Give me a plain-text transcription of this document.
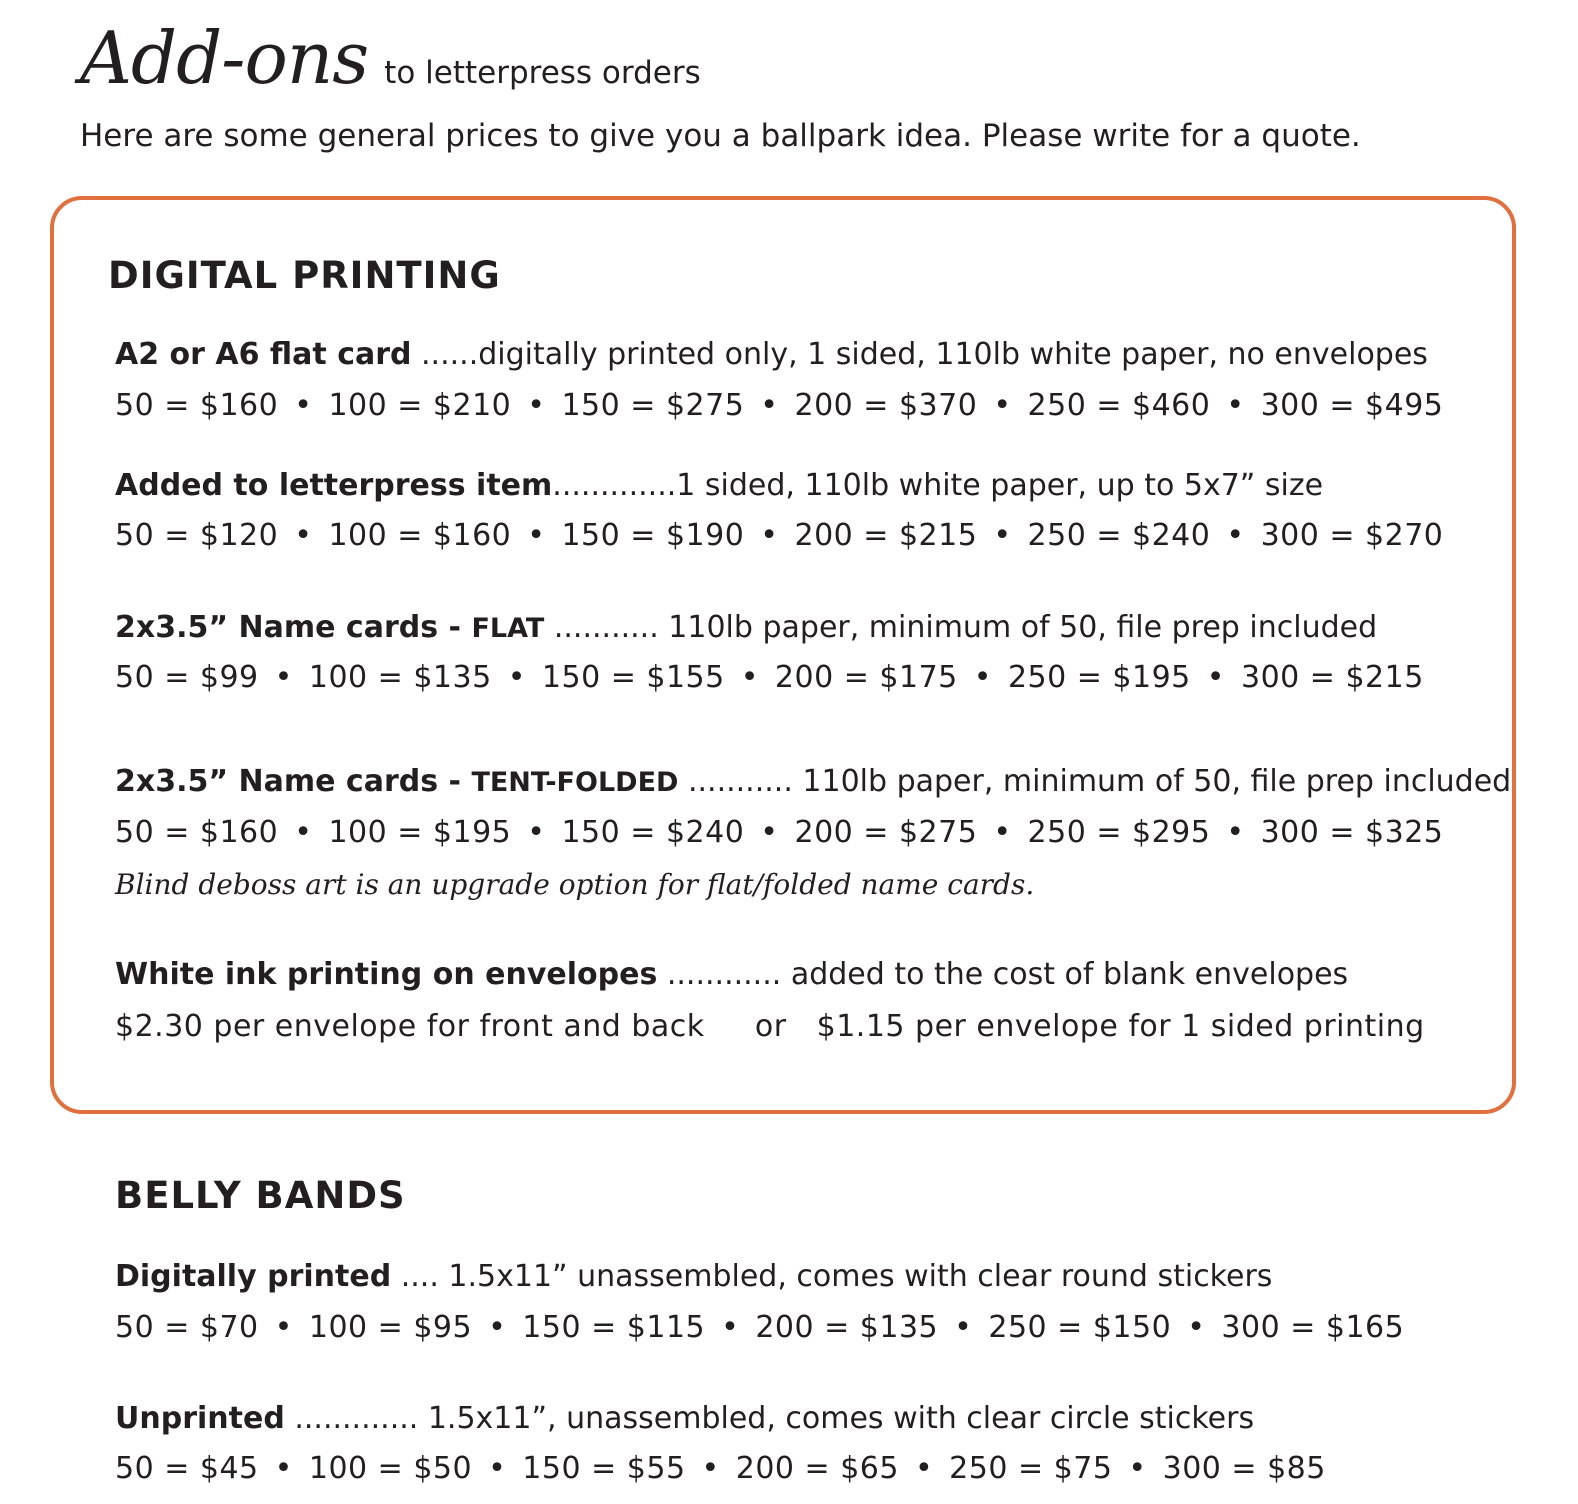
Add-ons to letterpress orders
Here are some general prices to give you a ballpark idea. Please write for a quote.
DIGITAL PRINTING
A2 or A6 flat card ......digitally printed only, 1 sided, 110lb white paper, no envelopes
50 = $160 • 100 = $210 • 150 = $275 • 200 = $370 • 250 = $460 • 300 = $495
Added to letterpress item.............1 sided, 110lb white paper, up to 5x7” size
50 = $120 • 100 = $160 • 150 = $190 • 200 = $215 • 250 = $240 • 300 = $270
2x3.5” Name cards - FLAT ........... 110lb paper, minimum of 50, file prep included
50 = $99 • 100 = $135 • 150 = $155 • 200 = $175 • 250 = $195 • 300 = $215
2x3.5” Name cards - TENT-FOLDED ........... 110lb paper, minimum of 50, file prep included
50 = $160 • 100 = $195 • 150 = $240 • 200 = $275 • 250 = $295 • 300 = $325
Blind deboss art is an upgrade option for flat/folded name cards.
White ink printing on envelopes ............ added to the cost of blank envelopes
$2.30 per envelope for front and back     or   $1.15 per envelope for 1 sided printing
BELLY BANDS
Digitally printed .... 1.5x11” unassembled, comes with clear round stickers
50 = $70 • 100 = $95 • 150 = $115 • 200 = $135 • 250 = $150 • 300 = $165
Unprinted ............. 1.5x11”, unassembled, comes with clear circle stickers
50 = $45 • 100 = $50 • 150 = $55 • 200 = $65 • 250 = $75 • 300 = $85
